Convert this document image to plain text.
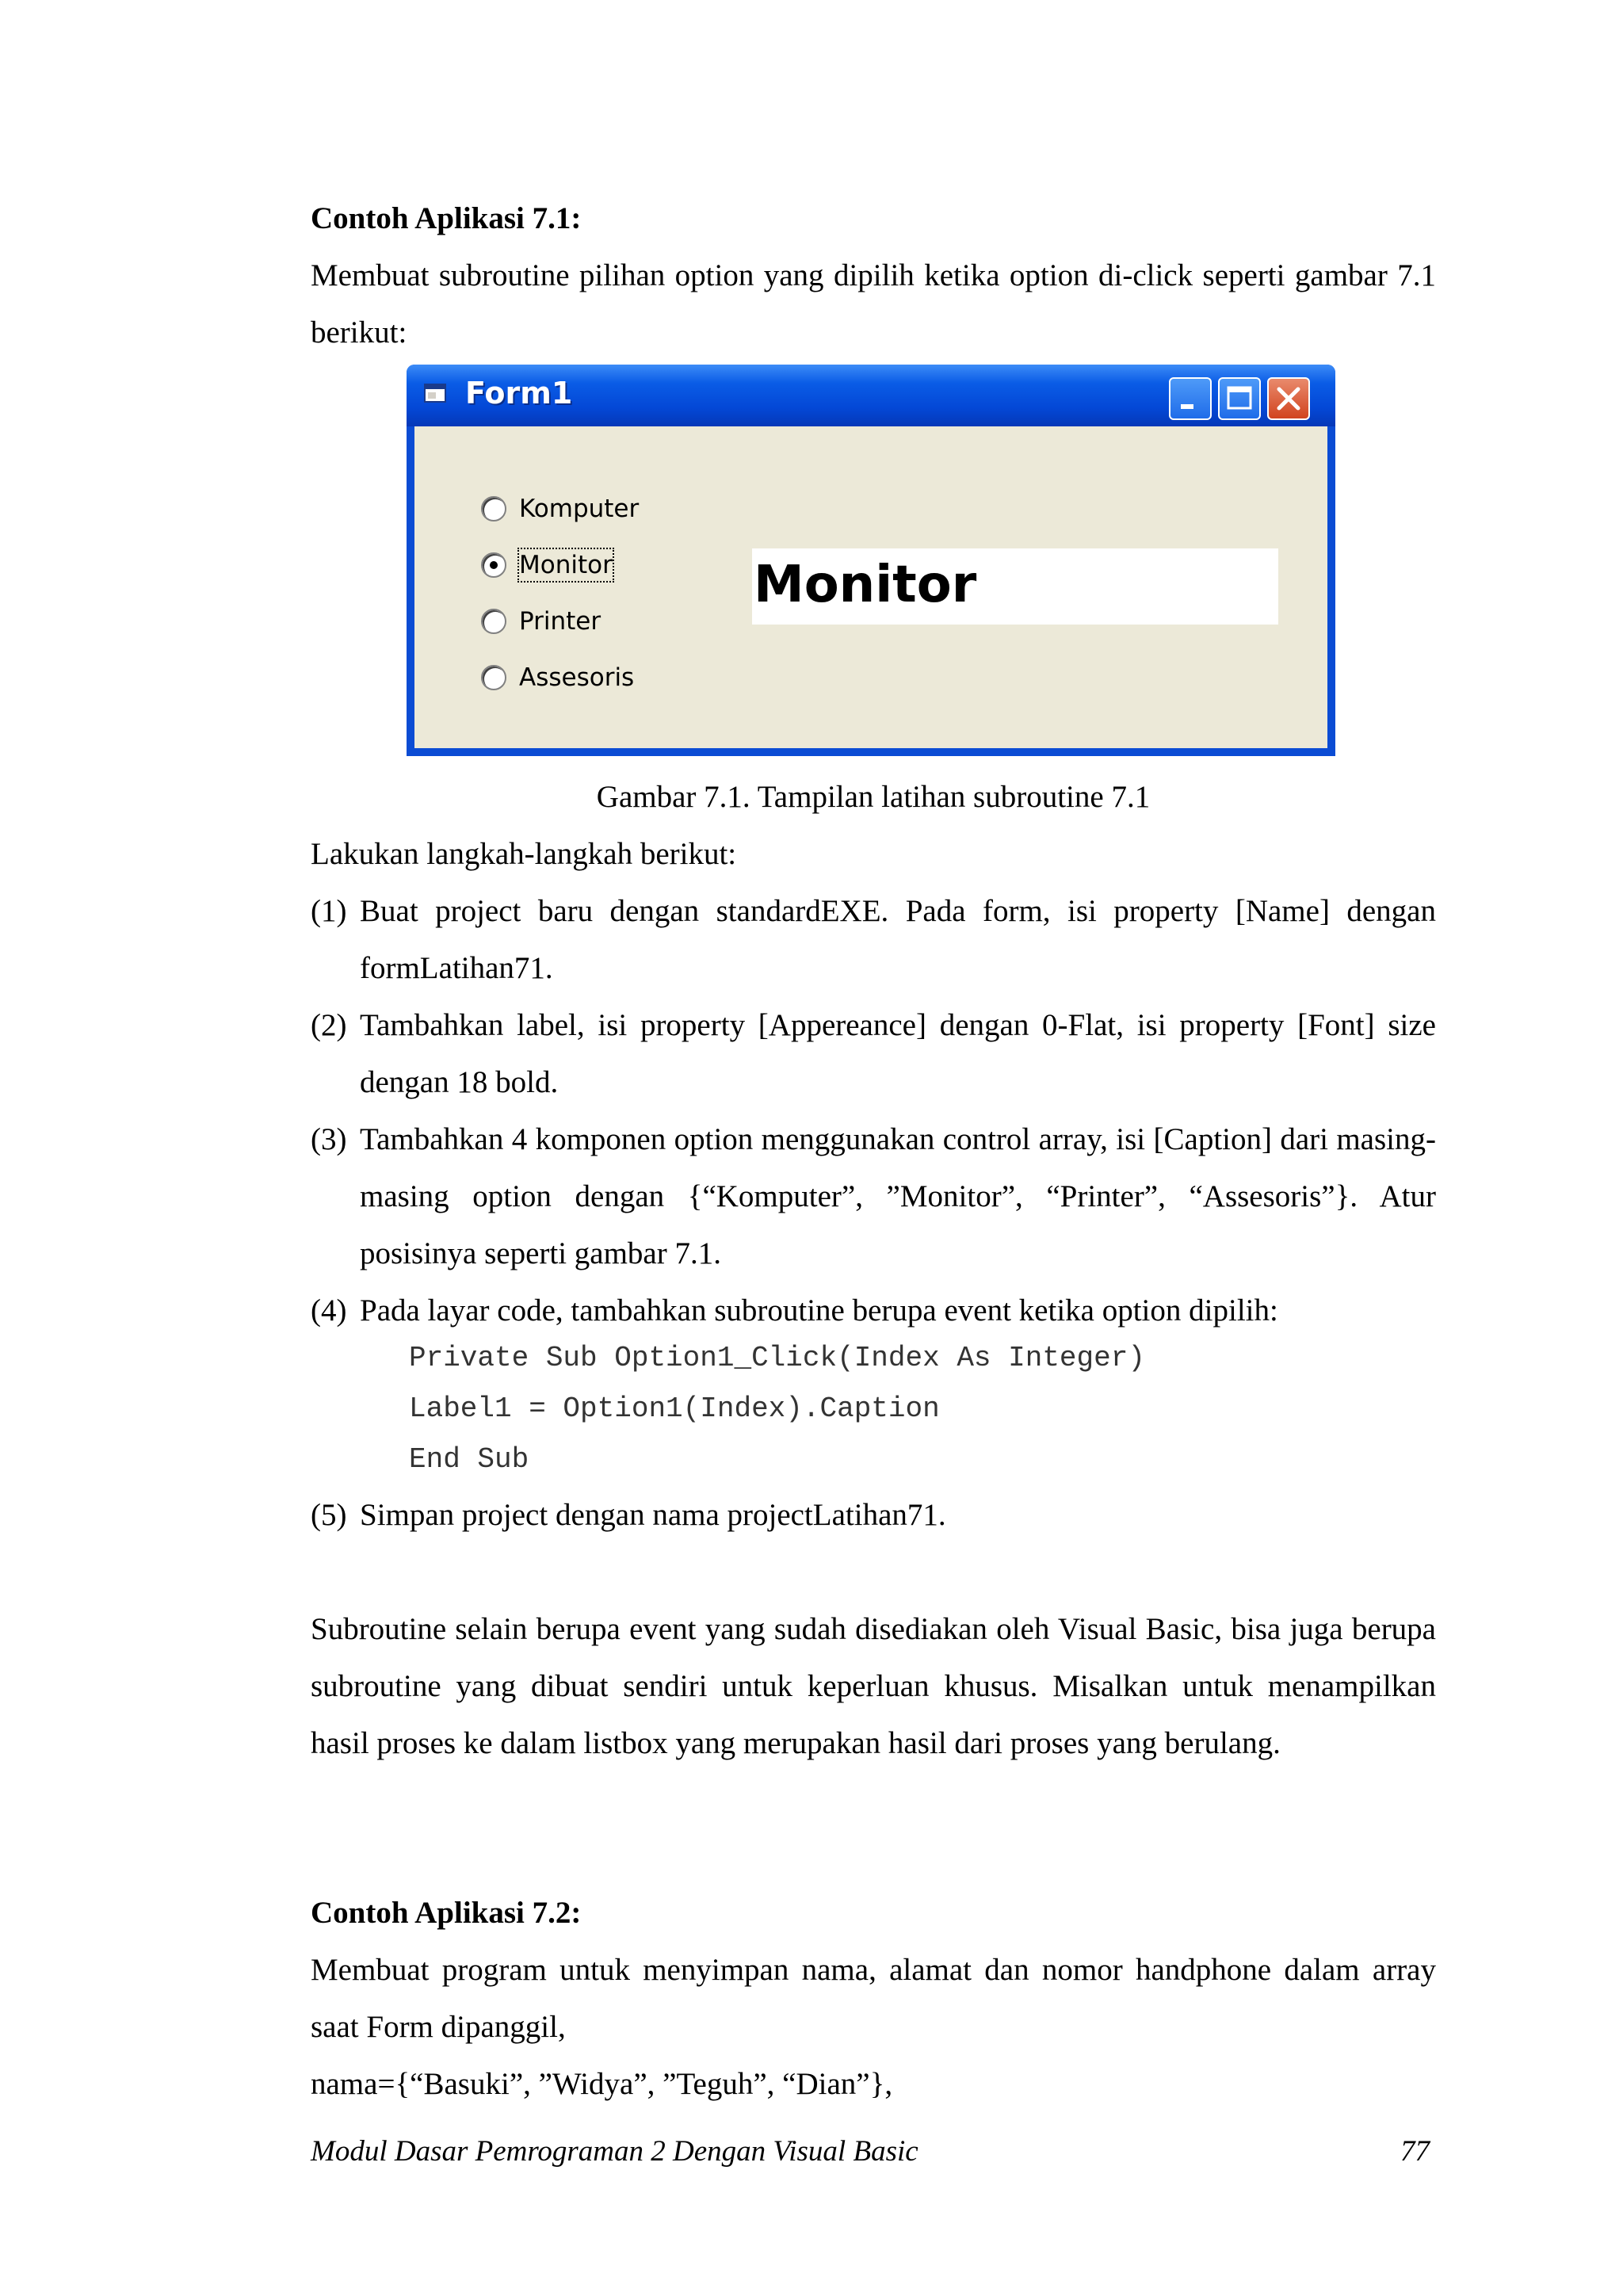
Contoh Aplikasi 7.1:

Membuat subroutine pilihan option yang dipilih ketika option di-click seperti gambar 7.1 berikut:

Form1
Komputer
Monitor
Printer
Assesoris
Monitor
Gambar 7.1. Tampilan latihan subroutine 7.1

Lakukan langkah-langkah berikut:

(1) Buat project baru dengan standardEXE. Pada form, isi property [Name] dengan formLatihan71.
(2) Tambahkan label, isi property [Appereance] dengan 0-Flat, isi property [Font] size dengan 18 bold.
(3) Tambahkan 4 komponen option menggunakan control array, isi [Caption] dari masing-masing option dengan {“Komputer”, ”Monitor”, “Printer”, “Assesoris”}. Atur posisinya seperti gambar 7.1.
(4) Pada layar code, tambahkan subroutine berupa event ketika option dipilih:
Private Sub Option1_Click(Index As Integer)
Label1 = Option1(Index).Caption
End Sub
(5) Simpan project dengan nama projectLatihan71.

Subroutine selain berupa event yang sudah disediakan oleh Visual Basic, bisa juga berupa subroutine yang dibuat sendiri untuk keperluan khusus. Misalkan untuk menampilkan hasil proses ke dalam listbox yang merupakan hasil dari proses yang berulang.

Contoh Aplikasi 7.2:

Membuat program untuk menyimpan nama, alamat dan nomor handphone dalam array saat Form dipanggil,

nama={“Basuki”, ”Widya”, ”Teguh”, “Dian”},

Modul Dasar Pemrograman 2 Dengan Visual Basic	77
